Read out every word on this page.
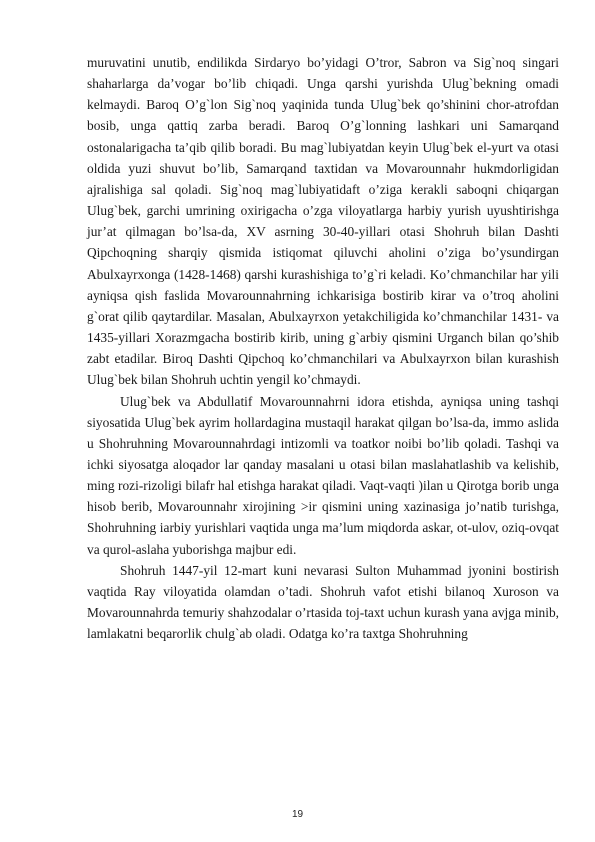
muruvatini unutib, endilikda Sirdaryo bo’yidagi O’tror, Sabron va Sig`noq singari shaharlarga da’vogar bo’lib chiqadi. Unga qarshi yurishda Ulug`bekning omadi kelmaydi. Baroq O’g`lon Sig`noq yaqinida tunda Ulug`bek qo’shinini chor-atrofdan bosib, unga qattiq zarba beradi. Baroq O’g`lonning lashkari uni Samarqand ostonalarigacha ta’qib qilib boradi. Bu mag`lubiyatdan keyin Ulug`bek el-yurt va otasi oldida yuzi shuvut bo’lib, Samarqand taxtidan va Movarounnahr hukmdorligidan ajralishiga sal qoladi. Sig`noq mag`lubiyatidaft o’ziga kerakli saboqni chiqargan Ulug`bek, garchi umrining oxirigacha o’zga viloyatlarga harbiy yurish uyushtirishga jur’at qilmagan bo’lsa-da, XV asrning 30-40-yillari otasi Shohruh bilan Dashti Qipchoqning sharqiy qismida istiqomat qiluvchi aholini o’ziga bo’ysundirgan Abulxayrxonga (1428-1468) qarshi kurashishiga to’g`ri keladi. Ko’chmanchilar har yili ayniqsa qish faslida Movarounnahrning ichkarisiga bostirib kirar va o’troq aholini g`orat qilib qaytardilar. Masalan, Abulxayrxon yetakchiligida ko’chmanchilar 1431- va 1435-yillari Xorazmgacha bostirib kirib, uning g`arbiy qismini Urganch bilan qo’shib zabt etadilar. Biroq Dashti Qipchoq ko’chmanchilari va Abulxayrxon bilan kurashish Ulug`bek bilan Shohruh uchtin yengil ko’chmaydi.

Ulug`bek va Abdullatif Movarounnahrni idora etishda, ayniqsa uning tashqi siyosatida Ulug`bek ayrim hollardagina mustaqil harakat qilgan bo’lsa-da, immo aslida u Shohruhning Movarounnahrdagi intizomli va toatkor noibi bo’lib qoladi. Tashqi va ichki siyosatga aloqador lar qanday masalani u otasi bilan maslahatlashib va kelishib, ming rozi-rizoligi bilafr hal etishga harakat qiladi. Vaqt-vaqti )ilan u Qirotga borib unga hisob berib, Movarounnahr xirojining >ir qismini uning xazinasiga jo’natib turishga, Shohruhning iarbiy yurishlari vaqtida unga ma’lum miqdorda askar, ot-ulov, oziq-ovqat va qurol-aslaha yuborishga majbur edi.

Shohruh 1447-yil 12-mart kuni nevarasi Sulton Muhammad jyonini bostirish vaqtida Ray viloyatida olamdan o’tadi. Shohruh vafot etishi bilanoq Xuroson va Movarounnahrda temuriy shahzodalar o’rtasida toj-taxt uchun kurash yana avjga minib, lamlakatni beqarorlik chulg`ab oladi. Odatga ko’ra taxtga Shohruhning

19
